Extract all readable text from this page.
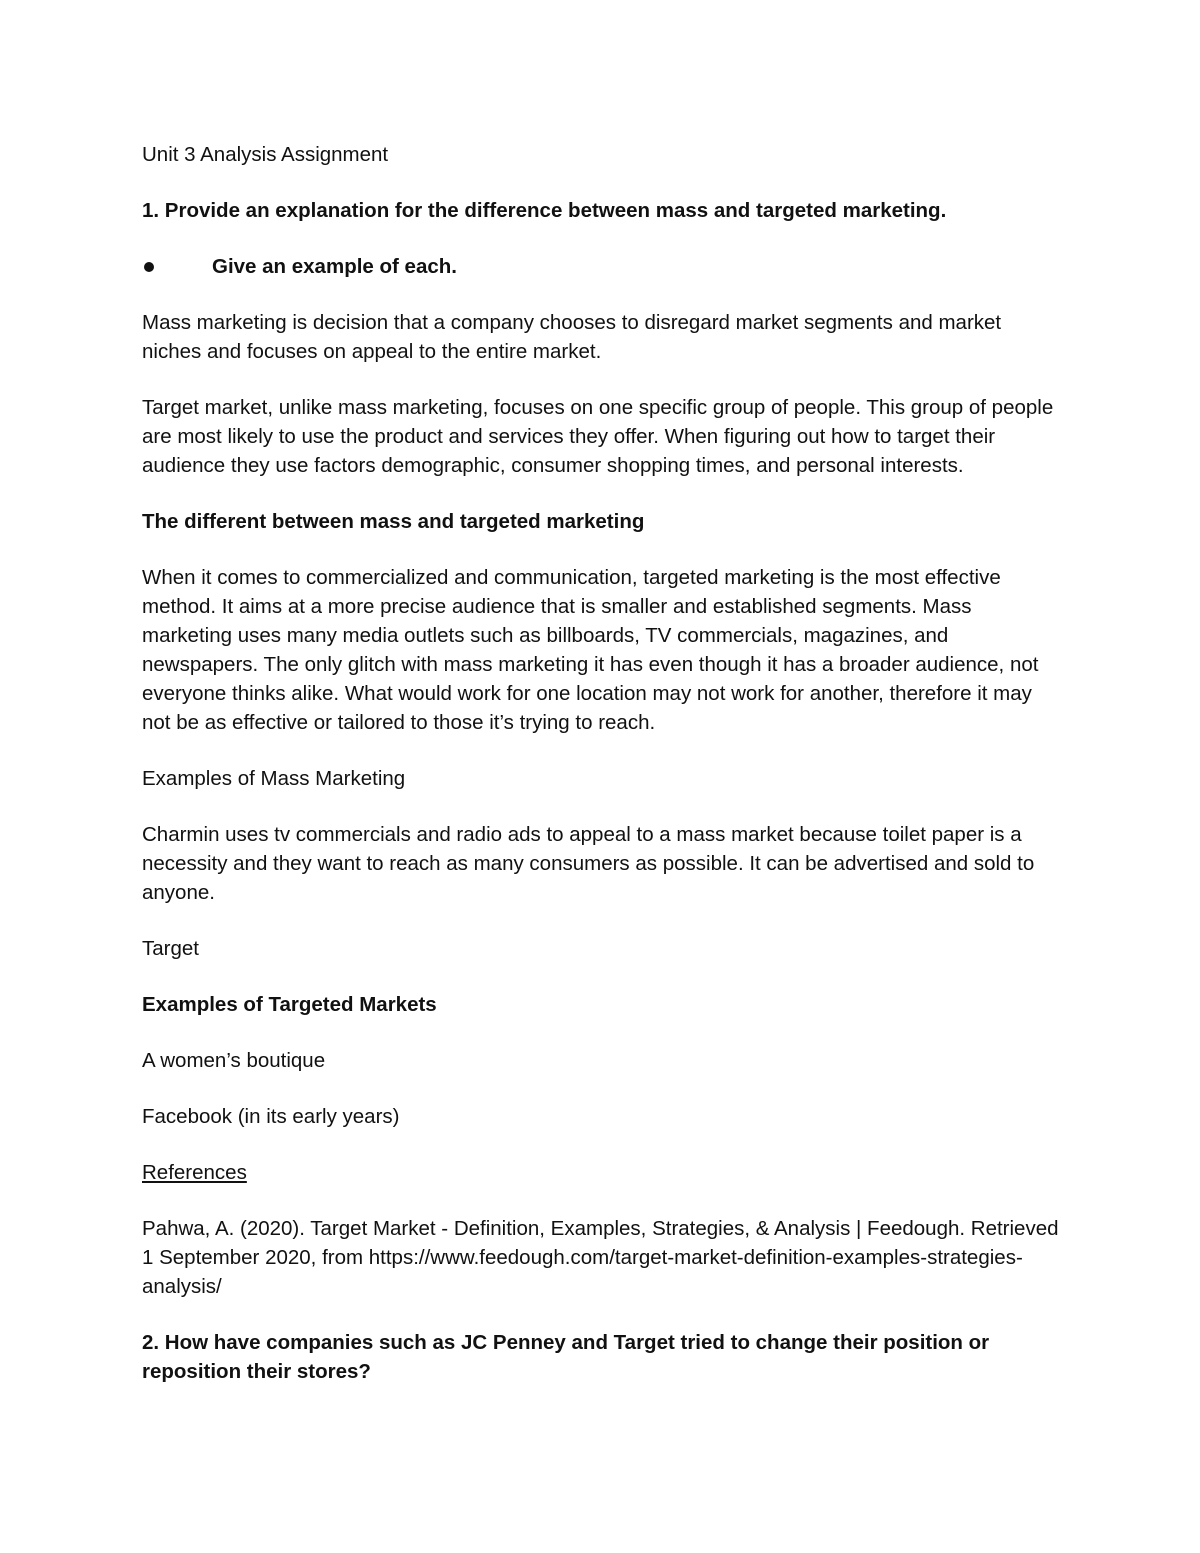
Unit 3 Analysis Assignment

1. Provide an explanation for the difference between mass and targeted marketing.

Give an example of each.

Mass marketing is decision that a company chooses to disregard market segments and market niches and focuses on appeal to the entire market.

Target market, unlike mass marketing, focuses on one specific group of people. This group of people are most likely to use the product and services they offer. When figuring out how to target their audience they use factors demographic, consumer shopping times, and personal interests.

The different between mass and targeted marketing

When it comes to commercialized and communication, targeted marketing is the most effective method. It aims at a more precise audience that is smaller and established segments. Mass marketing uses many media outlets such as billboards, TV commercials, magazines, and newspapers. The only glitch with mass marketing it has even though it has a broader audience, not everyone thinks alike. What would work for one location may not work for another, therefore it may not be as effective or tailored to those it’s trying to reach.

Examples of Mass Marketing

Charmin uses tv commercials and radio ads to appeal to a mass market because toilet paper is a necessity and they want to reach as many consumers as possible. It can be advertised and sold to anyone.

Target

Examples of Targeted Markets

A women’s boutique

Facebook (in its early years)

References

Pahwa, A. (2020). Target Market - Definition, Examples, Strategies, & Analysis | Feedough. Retrieved 1 September 2020, from https://www.feedough.com/target-market-definition-examples-strategies-analysis/

2. How have companies such as JC Penney and Target tried to change their position or reposition their stores?
